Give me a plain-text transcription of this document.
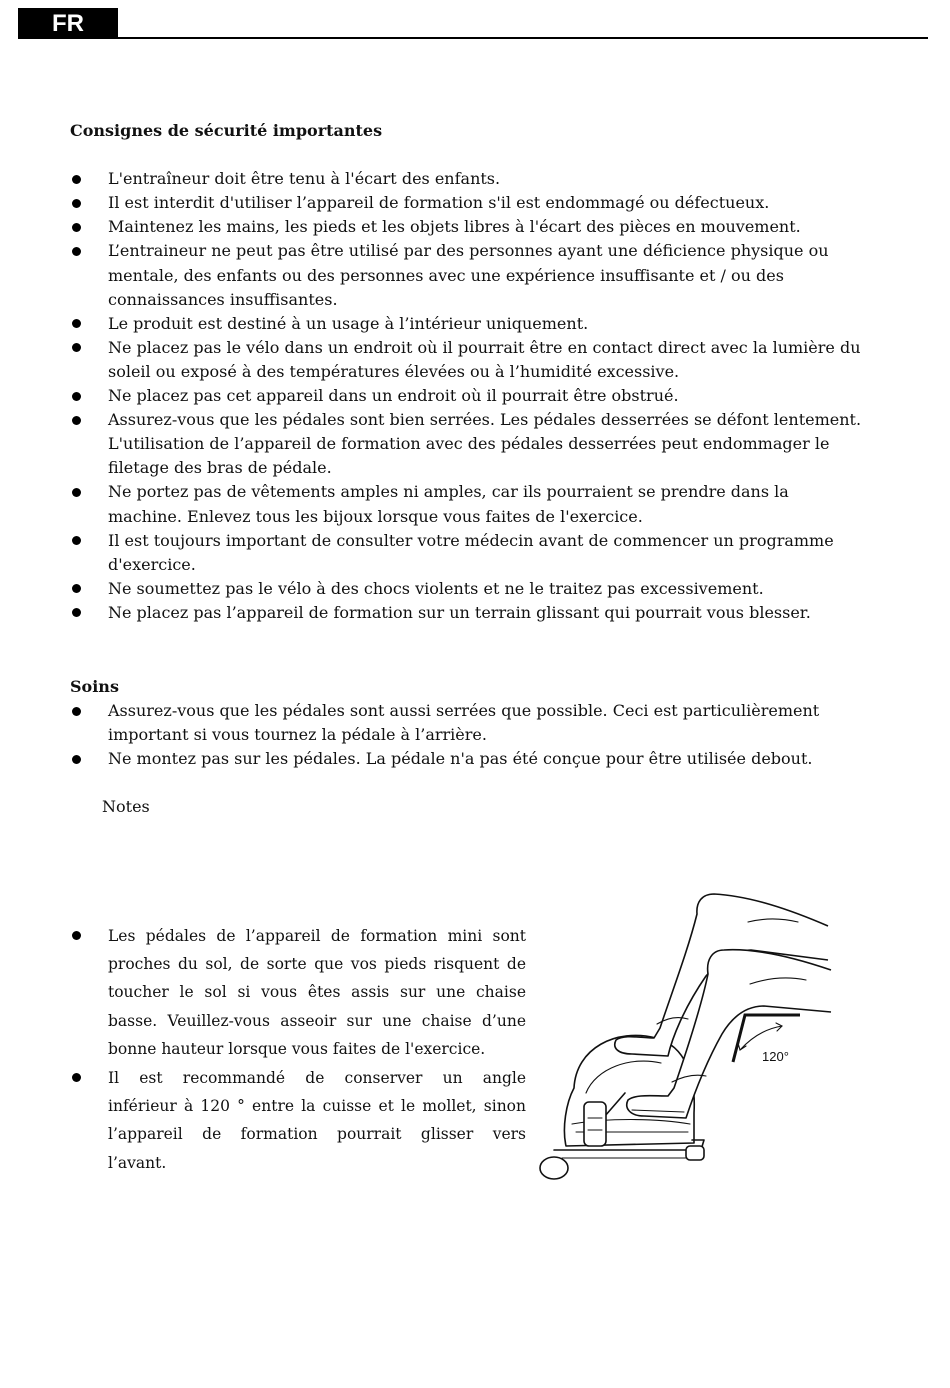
FR
Consignes de sécurité importantes
L'entraîneur doit être tenu à l'écart des enfants.
Il est interdit d'utiliser l’appareil de formation s'il est endommagé ou défectueux.
Maintenez les mains, les pieds et les objets libres à l'écart des pièces en mouvement.
L’entraineur ne peut pas être utilisé par des personnes ayant une déficience physique ou
mentale, des enfants ou des personnes avec une expérience insuffisante et / ou des
connaissances insuffisantes.
Le produit est destiné à un usage à l’intérieur uniquement.
Ne placez pas le vélo dans un endroit où il pourrait être en contact direct avec la lumière du
soleil ou exposé à des températures élevées ou à l’humidité excessive.
Ne placez pas cet appareil dans un endroit où il pourrait être obstrué.
Assurez-vous que les pédales sont bien serrées. Les pédales desserrées se défont lentement.
L'utilisation de l’appareil de formation avec des pédales desserrées peut endommager le
filetage des bras de pédale.
Ne portez pas de vêtements amples ni amples, car ils pourraient se prendre dans la
machine. Enlevez tous les bijoux lorsque vous faites de l'exercice.
Il est toujours important de consulter votre médecin avant de commencer un programme
d'exercice.
Ne soumettez pas le vélo à des chocs violents et ne le traitez pas excessivement.
Ne placez pas l’appareil de formation sur un terrain glissant qui pourrait vous blesser.
Soins
Assurez-vous que les pédales sont aussi serrées que possible. Ceci est particulièrement
important si vous tournez la pédale à l’arrière.
Ne montez pas sur les pédales. La pédale n'a pas été conçue pour être utilisée debout.
Notes
Les pédales de l’appareil de formation mini sont
proches du sol, de sorte que vos pieds risquent de
toucher le sol si vous êtes assis sur une chaise
basse. Veuillez-vous asseoir sur une chaise d’une
bonne hauteur lorsque vous faites de l'exercice.
Il est recommandé de conserver un angle
inférieur à 120 ° entre la cuisse et le mollet, sinon
l’appareil de formation pourrait glisser vers
l’avant.
120°
